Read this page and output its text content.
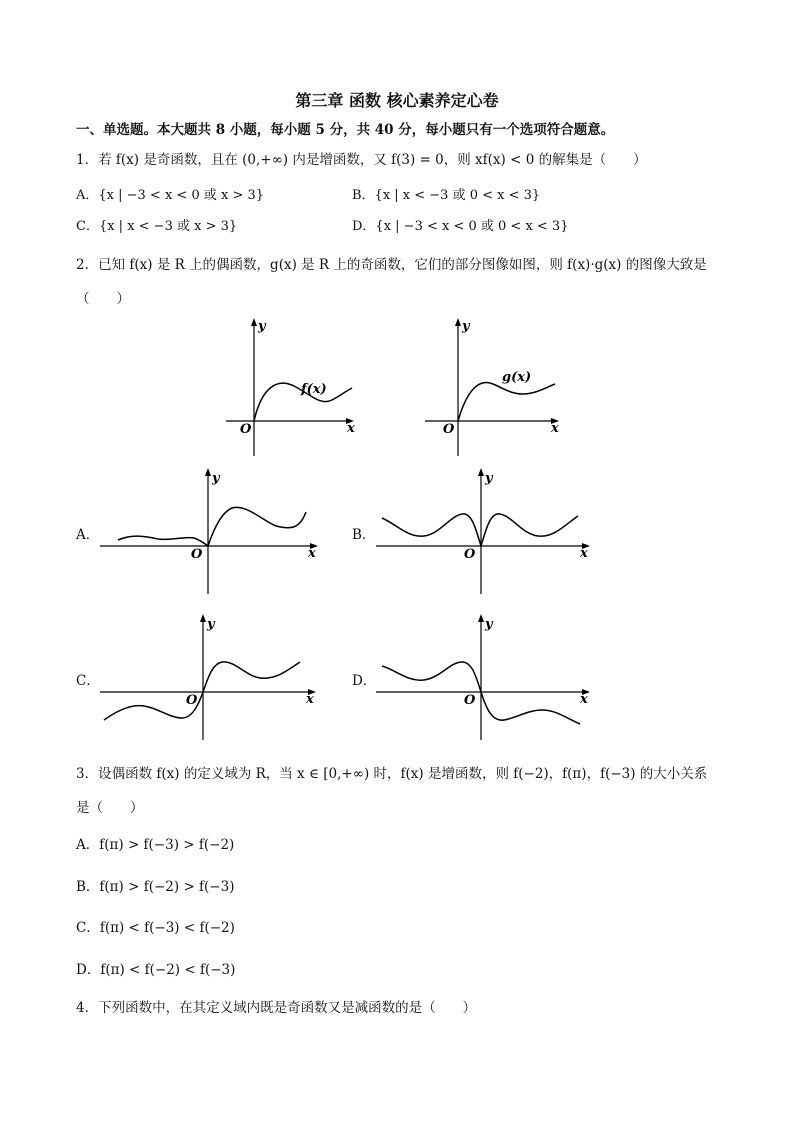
第三章 函数 核心素养定心卷
一、单选题。本大题共 8 小题，每小题 5 分，共 40 分，每小题只有一个选项符合题意。
1．若 f(x) 是奇函数，且在 (0,+∞) 内是增函数，又 f(3) = 0，则 xf(x) < 0 的解集是（　　）
A．{x | −3 < x < 0 或 x > 3}	B．{x | x < −3 或 0 < x < 3}
C．{x | x < −3 或 x > 3}	D．{x | −3 < x < 0 或 0 < x < 3}
2．已知 f(x) 是 R 上的偶函数，g(x) 是 R 上的奇函数，它们的部分图像如图，则 f(x)·g(x) 的图像大致是
（　　）
y
x
O
f(x)
y
x
O
g(x)
A．
y
x
O
B．
y
x
O
C．
y
x
O
D．
y
x
O
3．设偶函数 f(x) 的定义域为 R，当 x ∈ [0,+∞) 时，f(x) 是增函数，则 f(−2)，f(π)，f(−3) 的大小关系
是（　　）
A．f(π) > f(−3) > f(−2)
B．f(π) > f(−2) > f(−3)
C．f(π) < f(−3) < f(−2)
D．f(π) < f(−2) < f(−3)
4．下列函数中，在其定义域内既是奇函数又是减函数的是（　　）
